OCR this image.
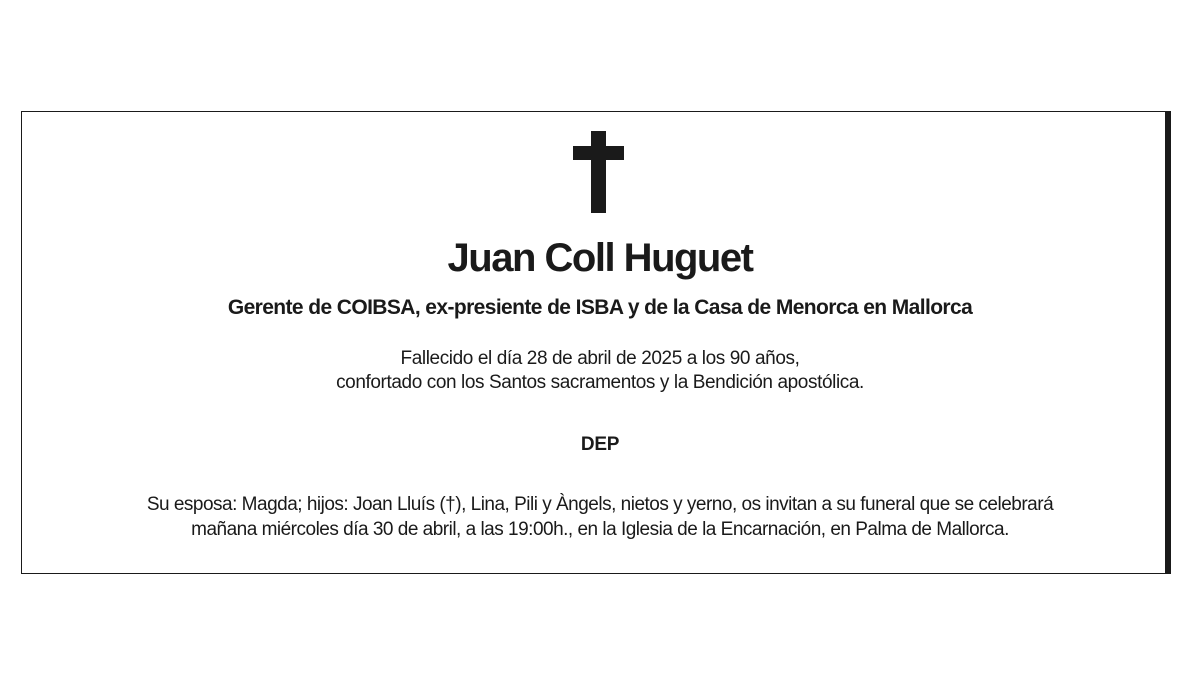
Juan Coll Huguet
Gerente de COIBSA, ex-presiente de ISBA y de la Casa de Menorca en Mallorca
Fallecido el día 28 de abril de 2025 a los 90 años,
confortado con los Santos sacramentos y la Bendición apostólica.
DEP
Su esposa: Magda; hijos: Joan Lluís (†), Lina, Pili y Àngels, nietos y yerno, os invitan a su funeral que se celebrará
mañana miércoles día 30 de abril, a las 19:00h., en la Iglesia de la Encarnación, en Palma de Mallorca.
